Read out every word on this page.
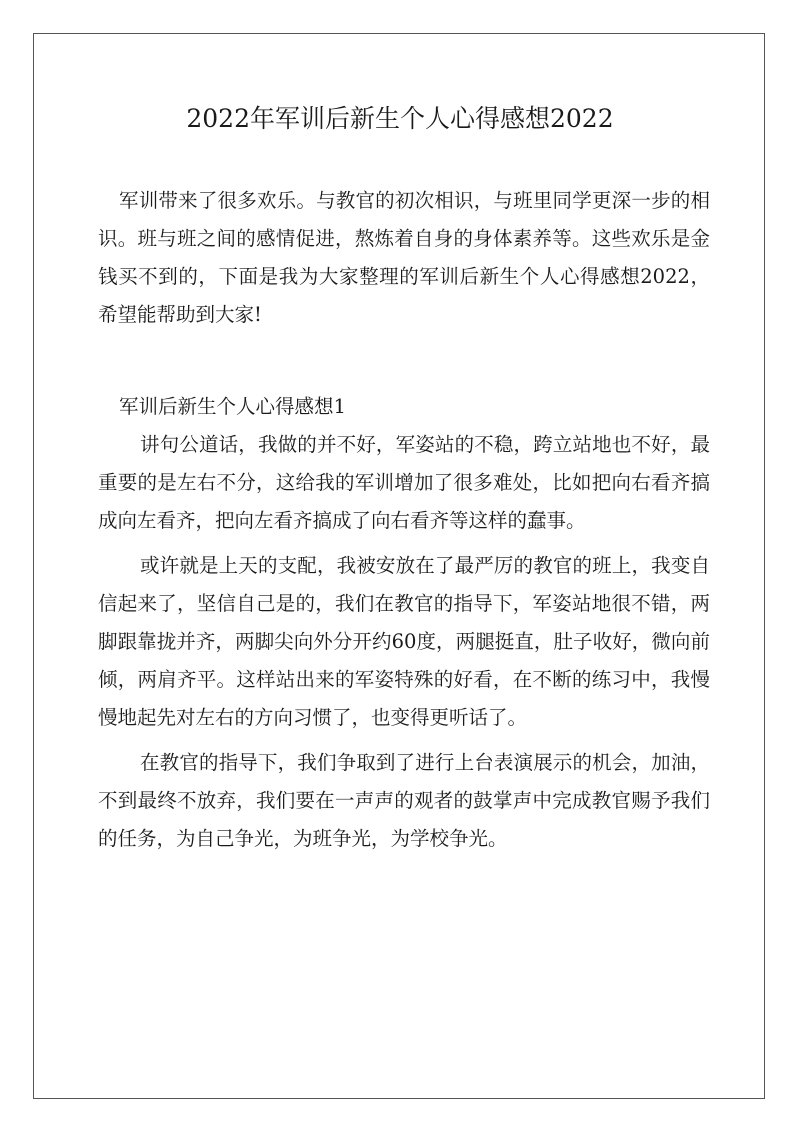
2022年军训后新生个人心得感想2022

军训带来了很多欢乐。与教官的初次相识，与班里同学更深一步的相识。班与班之间的感情促进，熬炼着自身的身体素养等。这些欢乐是金钱买不到的，下面是我为大家整理的军训后新生个人心得感想2022，希望能帮助到大家!

军训后新生个人心得感想1

讲句公道话，我做的并不好，军姿站的不稳，跨立站地也不好，最重要的是左右不分，这给我的军训增加了很多难处，比如把向右看齐搞成向左看齐，把向左看齐搞成了向右看齐等这样的蠢事。

或许就是上天的支配，我被安放在了最严厉的教官的班上，我变自信起来了，坚信自己是的，我们在教官的指导下，军姿站地很不错，两脚跟靠拢并齐，两脚尖向外分开约60度，两腿挺直，肚子收好，微向前倾，两肩齐平。这样站出来的军姿特殊的好看，在不断的练习中，我慢慢地起先对左右的方向习惯了，也变得更听话了。

在教官的指导下，我们争取到了进行上台表演展示的机会，加油，不到最终不放弃，我们要在一声声的观者的鼓掌声中完成教官赐予我们的任务，为自己争光，为班争光，为学校争光。
